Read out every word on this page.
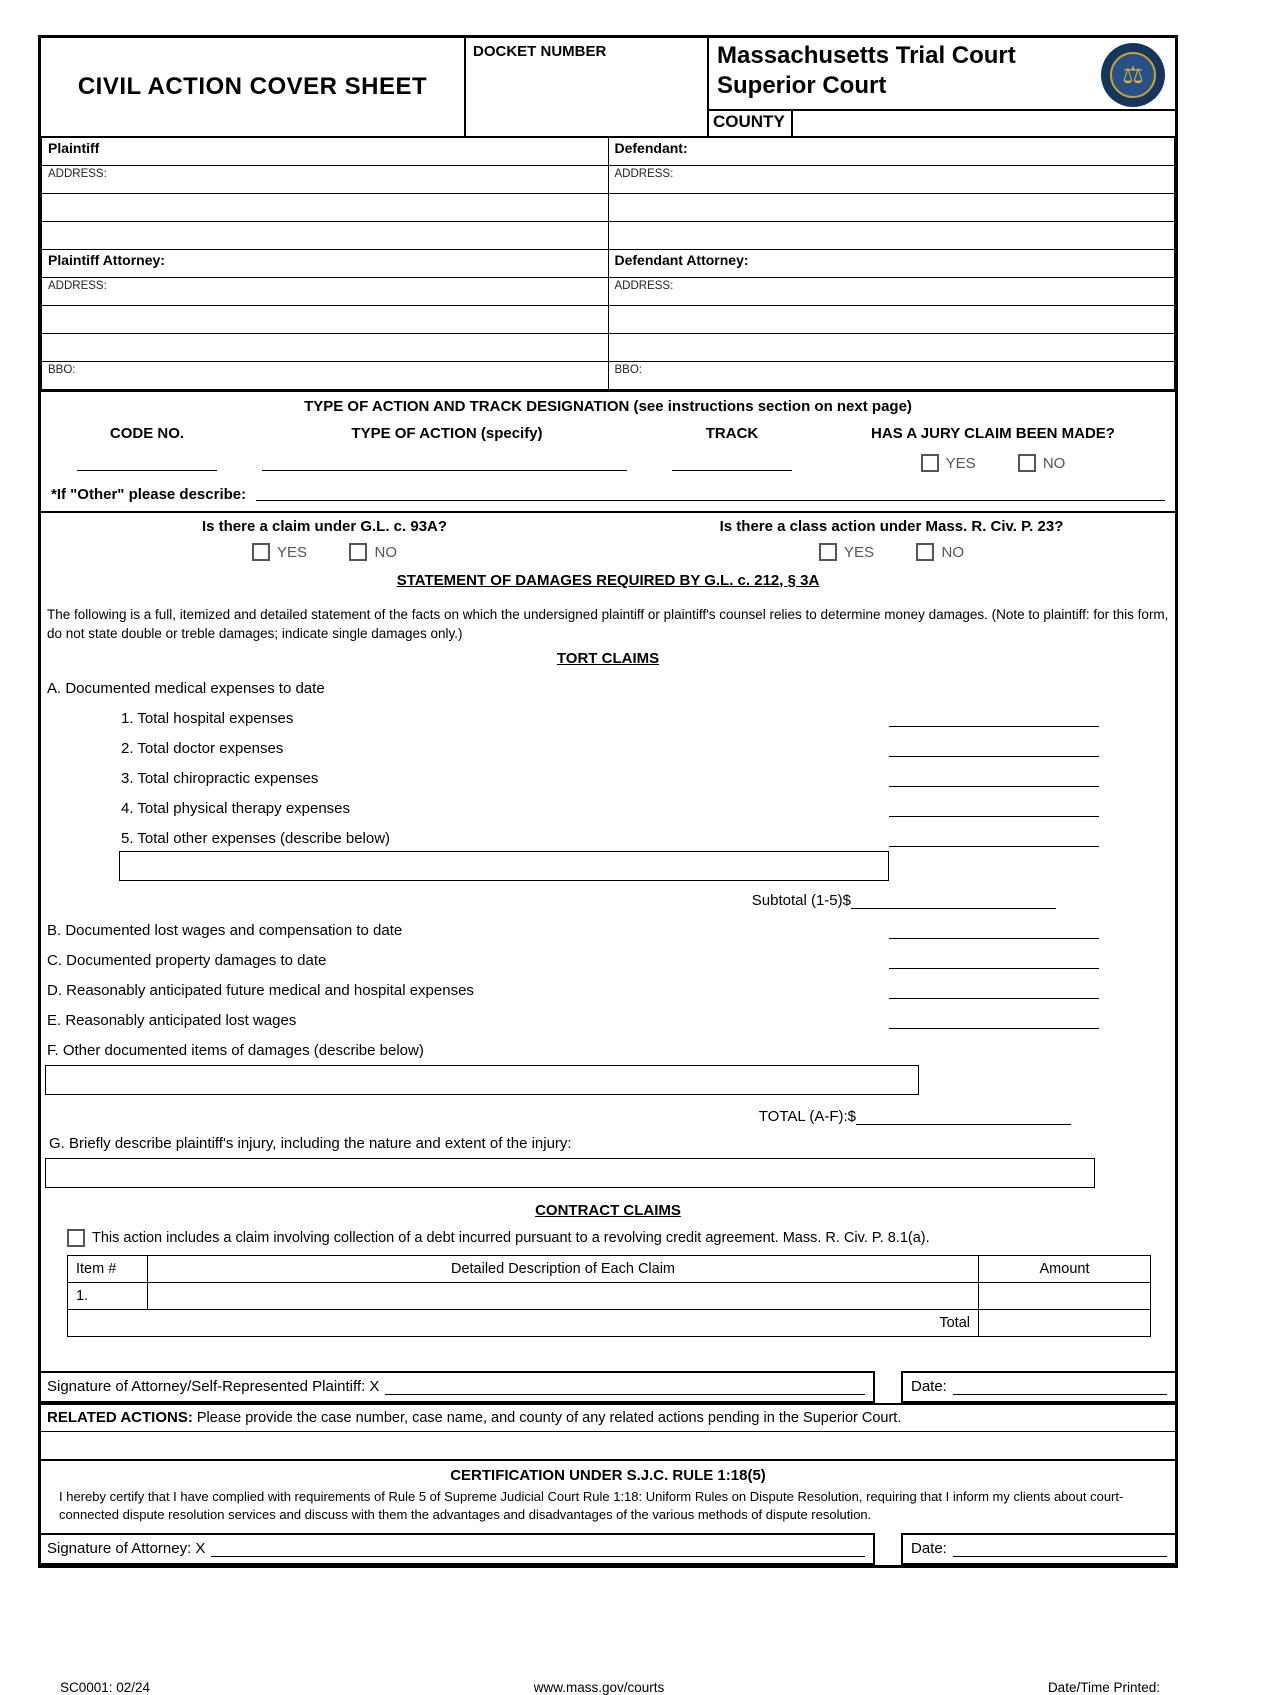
CIVIL ACTION COVER SHEET
DOCKET NUMBER	Massachusetts Trial Court
Superior Court	⚖
COUNTY
Plaintiff	Defendant:
ADDRESS:	ADDRESS:

Plaintiff Attorney:	Defendant Attorney:
ADDRESS:	ADDRESS:

BBO:	BBO:
TYPE OF ACTION AND TRACK DESIGNATION (see instructions section on next page)
CODE NO.	TYPE OF ACTION (specify)	TRACK	HAS A JURY CLAIM BEEN MADE?
YES	NO
*If "Other" please describe:
Is there a claim under G.L. c. 93A?
YES	NO
Is there a class action under Mass. R. Civ. P. 23?
YES	NO
STATEMENT OF DAMAGES REQUIRED BY G.L. c. 212, § 3A
The following is a full, itemized and detailed statement of the facts on which the undersigned plaintiff or plaintiff's counsel relies to determine money damages. (Note to plaintiff: for this form, do not state double or treble damages; indicate single damages only.)
TORT CLAIMS
A. Documented medical expenses to date
1. Total hospital expenses
2. Total doctor expenses
3. Total chiropractic expenses
4. Total physical therapy expenses
5. Total other expenses (describe below)
Subtotal (1-5)$
B. Documented lost wages and compensation to date
C. Documented property damages to date
D. Reasonably anticipated future medical and hospital expenses
E. Reasonably anticipated lost wages
F. Other documented items of damages (describe below)
TOTAL (A-F):$
G. Briefly describe plaintiff's injury, including the nature and extent of the injury:
CONTRACT CLAIMS
This action includes a claim involving collection of a debt incurred pursuant to a revolving credit agreement. Mass. R. Civ. P. 8.1(a).
Item #	Detailed Description of Each Claim	Amount
1.		
Total		
Signature of Attorney/Self-Represented Plaintiff: X	Date:
RELATED ACTIONS: Please provide the case number, case name, and county of any related actions pending in the Superior Court.
CERTIFICATION UNDER S.J.C. RULE 1:18(5)
I hereby certify that I have complied with requirements of Rule 5 of Supreme Judicial Court Rule 1:18: Uniform Rules on Dispute Resolution, requiring that I inform my clients about court-connected dispute resolution services and discuss with them the advantages and disadvantages of the various methods of dispute resolution.
Signature of Attorney: X	Date:
SC0001: 02/24	www.mass.gov/courts	Date/Time Printed:
